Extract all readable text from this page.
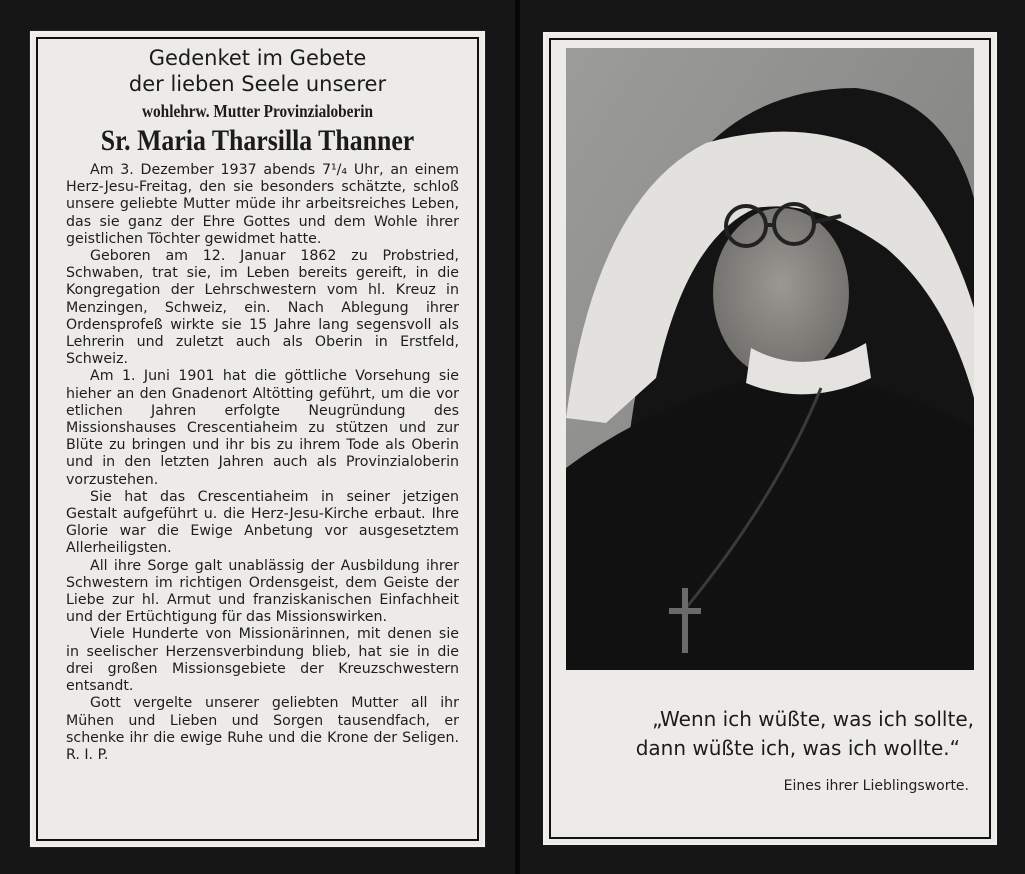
Gedenket im Gebete
der lieben Seele unserer
wohlehrw. Mutter Provinzialoberin
Sr. Maria Tharsilla Thanner

Am 3. Dezember 1937 abends 7¹/₄ Uhr, an einem Herz-Jesu-Freitag, den sie besonders schätzte, schloß unsere geliebte Mutter müde ihr arbeitsreiches Leben, das sie ganz der Ehre Gottes und dem Wohle ihrer geistlichen Töchter gewidmet hatte.

Geboren am 12. Januar 1862 zu Probstried, Schwaben, trat sie, im Leben bereits gereift, in die Kongregation der Lehrschwestern vom hl. Kreuz in Menzingen, Schweiz, ein. Nach Ablegung ihrer Ordensprofeß wirkte sie 15 Jahre lang segensvoll als Lehrerin und zuletzt auch als Oberin in Erstfeld, Schweiz.

Am 1. Juni 1901 hat die göttliche Vorsehung sie hieher an den Gnadenort Altötting geführt, um die vor etlichen Jahren erfolgte Neugründung des Missionshauses Crescentiaheim zu stützen und zur Blüte zu bringen und ihr bis zu ihrem Tode als Oberin und in den letzten Jahren auch als Provinzialoberin vorzustehen.

Sie hat das Crescentiaheim in seiner jetzigen Gestalt aufgeführt u. die Herz-Jesu-Kirche erbaut. Ihre Glorie war die Ewige Anbetung vor ausgesetztem Allerheiligsten.

All ihre Sorge galt unablässig der Ausbildung ihrer Schwestern im richtigen Ordensgeist, dem Geiste der Liebe zur hl. Armut und franziskanischen Einfachheit und der Ertüchtigung für das Missionswirken.

Viele Hunderte von Missionärinnen, mit denen sie in seelischer Herzensverbindung blieb, hat sie in die drei großen Missionsgebiete der Kreuzschwestern entsandt.

Gott vergelte unserer geliebten Mutter all ihr Mühen und Lieben und Sorgen tausendfach, er schenke ihr die ewige Ruhe und die Krone der Seligen. R. I. P.

„Wenn ich wüßte, was ich sollte,
dann wüßte ich, was ich wollte.“
Eines ihrer Lieblingsworte.
